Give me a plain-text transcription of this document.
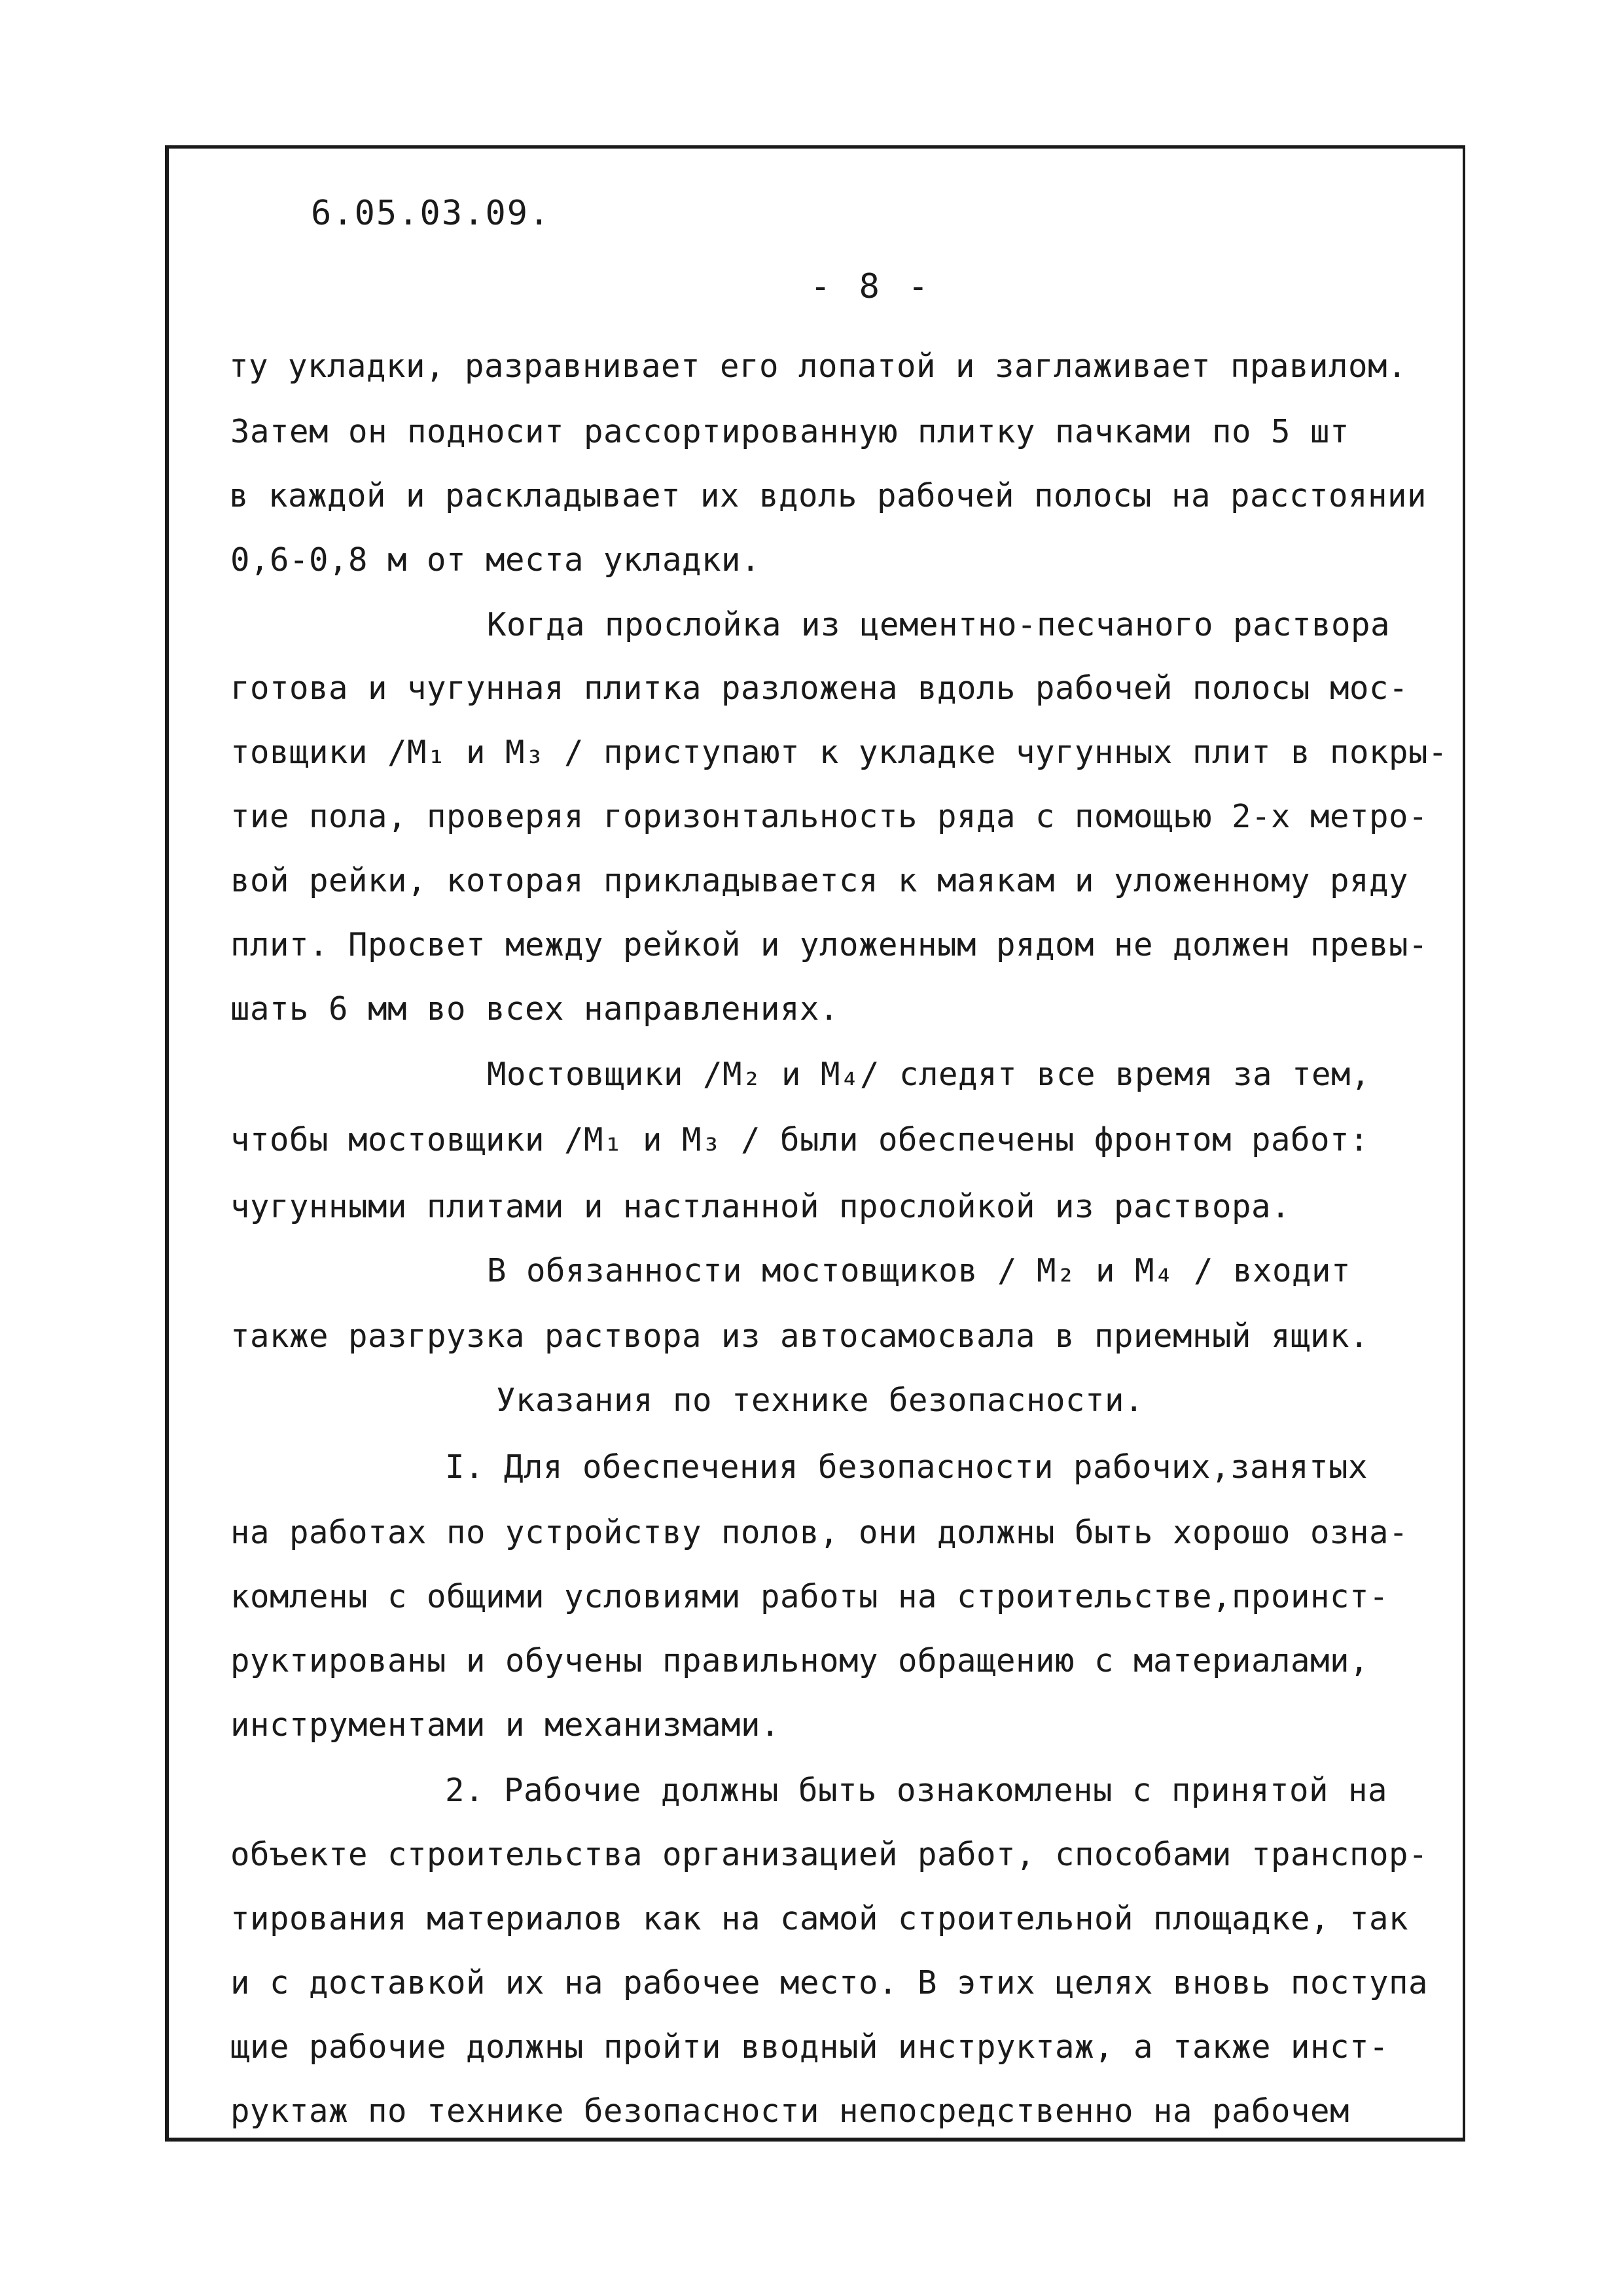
6.05.03.09.
- 8 -
ту укладки, разравнивает его лопатой и заглаживает правилом.
Затем он подносит рассортированную плитку пачками по 5 шт
в каждой и раскладывает их вдоль рабочей полосы на расстоянии
0,6-0,8 м от места укладки.
Когда прослойка из цементно-песчаного раствора
готова и чугунная плитка разложена вдоль рабочей полосы мос-
товщики /М₁ и М₃ / приступают к укладке чугунных плит в покры-
тие пола, проверяя горизонтальность ряда с помощью 2-х метро-
вой рейки, которая прикладывается к маякам и уложенному ряду
плит. Просвет между рейкой и уложенным рядом не должен превы-
шать 6 мм во всех направлениях.
Мостовщики /М₂ и М₄/ следят все время за тем,
чтобы мостовщики /М₁ и М₃ / были обеспечены фронтом работ:
чугунными плитами и настланной прослойкой из раствора.
В обязанности мостовщиков / М₂ и М₄ / входит
также разгрузка раствора из автосамосвала в приемный ящик.
Указания по технике безопасности.
I. Для обеспечения безопасности рабочих,занятых
на работах по устройству полов, они должны быть хорошо озна-
комлены с общими условиями работы на строительстве,проинст-
руктированы и обучены правильному обращению с материалами,
инструментами и механизмами.
2. Рабочие должны быть ознакомлены с принятой на
объекте строительства организацией работ, способами транспор-
тирования материалов как на самой строительной площадке, так
и с доставкой их на рабочее место. В этих целях вновь поступа
щие рабочие должны пройти вводный инструктаж, а также инст-
руктаж по технике безопасности непосредственно на рабочем
